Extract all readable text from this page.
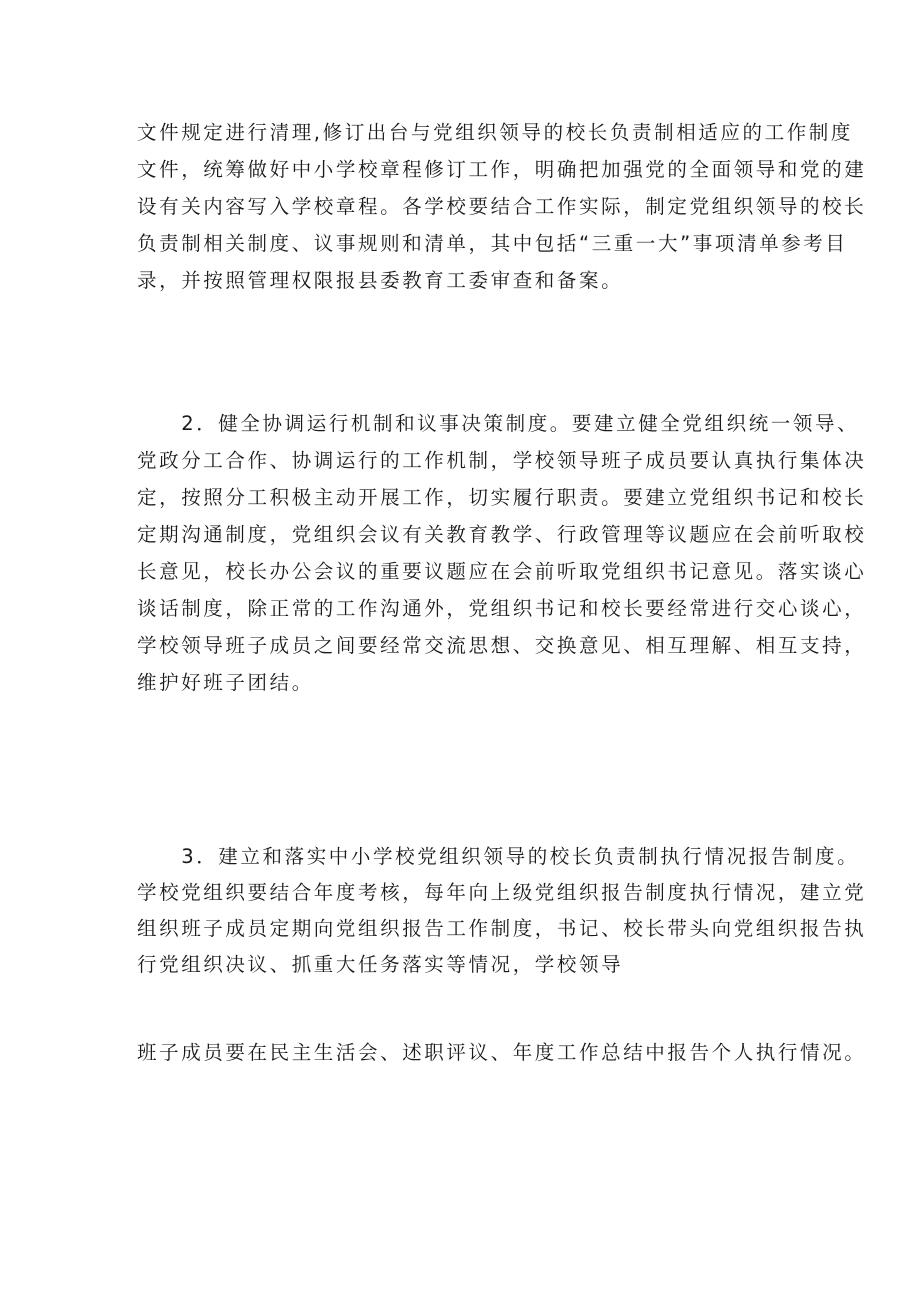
文件规定进行清理,修订出台与党组织领导的校长负责制相适应的工作制度
文件，统筹做好中小学校章程修订工作，明确把加强党的全面领导和党的建
设有关内容写入学校章程。各学校要结合工作实际，制定党组织领导的校长
负责制相关制度、议事规则和清单，其中包括“三重一大”事项清单参考目
录，并按照管理权限报县委教育工委审查和备案。
　　2．健全协调运行机制和议事决策制度。要建立健全党组织统一领导、
党政分工合作、协调运行的工作机制，学校领导班子成员要认真执行集体决
定，按照分工积极主动开展工作，切实履行职责。要建立党组织书记和校长
定期沟通制度，党组织会议有关教育教学、行政管理等议题应在会前听取校
长意见，校长办公会议的重要议题应在会前听取党组织书记意见。落实谈心
谈话制度，除正常的工作沟通外，党组织书记和校长要经常进行交心谈心，
学校领导班子成员之间要经常交流思想、交换意见、相互理解、相互支持，
维护好班子团结。
　　3．建立和落实中小学校党组织领导的校长负责制执行情况报告制度。
学校党组织要结合年度考核，每年向上级党组织报告制度执行情况，建立党
组织班子成员定期向党组织报告工作制度，书记、校长带头向党组织报告执
行党组织决议、抓重大任务落实等情况，学校领导
班子成员要在民主生活会、述职评议、年度工作总结中报告个人执行情况。
